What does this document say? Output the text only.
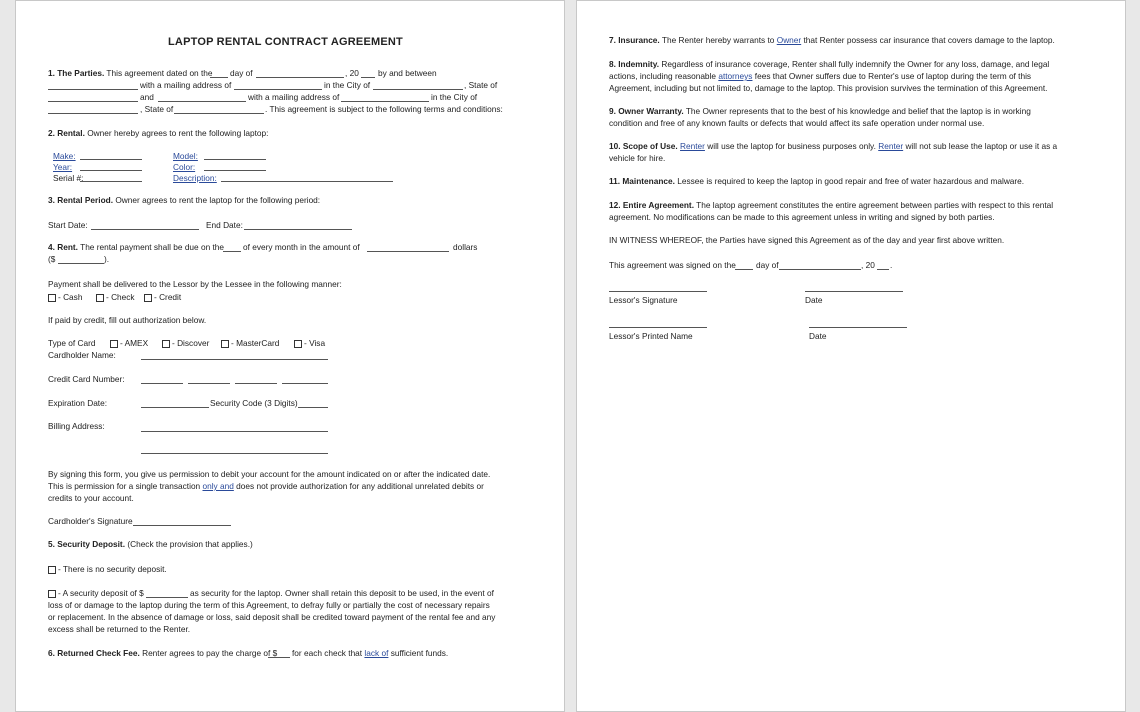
LAPTOP RENTAL CONTRACT AGREEMENT
1. The Parties. This agreement dated on the day of	, 20 by and between
with a mailing address of	in the City of	, State of
and	with a mailing address of	in the City of
, State of	. This agreement is subject to the following terms and conditions:
2. Rental. Owner hereby agrees to rent the following laptop:
Make:	Model:
Year:	Color:
Serial #:	Description:
3. Rental Period. Owner agrees to rent the laptop for the following period:
Start Date:	End Date:
4. Rent. The rental payment shall be due on the of every month in the amount of	dollars
($	).
Payment shall be delivered to the Lessor by the Lessee in the following manner:
- Cash	- Check	- Credit
If paid by credit, fill out authorization below.
Type of Card	- AMEX	- Discover	- MasterCard	- Visa
Cardholder Name:
Credit Card Number:
Expiration Date:	Security Code (3 Digits)
Billing Address:
By signing this form, you give us permission to debit your account for the amount indicated on or after the indicated date.
This is permission for a single transaction only and does not provide authorization for any additional unrelated debits or
credits to your account.
Cardholder's Signature
5. Security Deposit. (Check the provision that applies.)
- There is no security deposit.
- A security deposit of $	as security for the laptop. Owner shall retain this deposit to be used, in the event of
loss of or damage to the laptop during the term of this Agreement, to defray fully or partially the cost of necessary repairs
or replacement. In the absence of damage or loss, said deposit shall be credited toward payment of the rental fee and any
excess shall be returned to the Renter.
6. Returned Check Fee. Renter agrees to pay the charge of $ for each check that lack of sufficient funds.
7. Insurance. The Renter hereby warrants to Owner that Renter possess car insurance that covers damage to the laptop.
8. Indemnity. Regardless of insurance coverage, Renter shall fully indemnify the Owner for any loss, damage, and legal
actions, including reasonable attorneys fees that Owner suffers due to Renter's use of laptop during the term of this
Agreement, including but not limited to, damage to the laptop. This provision survives the termination of this Agreement.
9. Owner Warranty. The Owner represents that to the best of his knowledge and belief that the laptop is in working
condition and free of any known faults or defects that would affect its safe operation under normal use.
10. Scope of Use. Renter will use the laptop for business purposes only. Renter will not sub lease the laptop or use it as a
vehicle for hire.
11. Maintenance. Lessee is required to keep the laptop in good repair and free of water hazardous and malware.
12. Entire Agreement. The laptop agreement constitutes the entire agreement between parties with respect to this rental
agreement. No modifications can be made to this agreement unless in writing and signed by both parties.
IN WITNESS WHEREOF, the Parties have signed this Agreement as of the day and year first above written.
This agreement was signed on the day of	, 20 .
Lessor's Signature	Date
Lessor's Printed Name	Date
